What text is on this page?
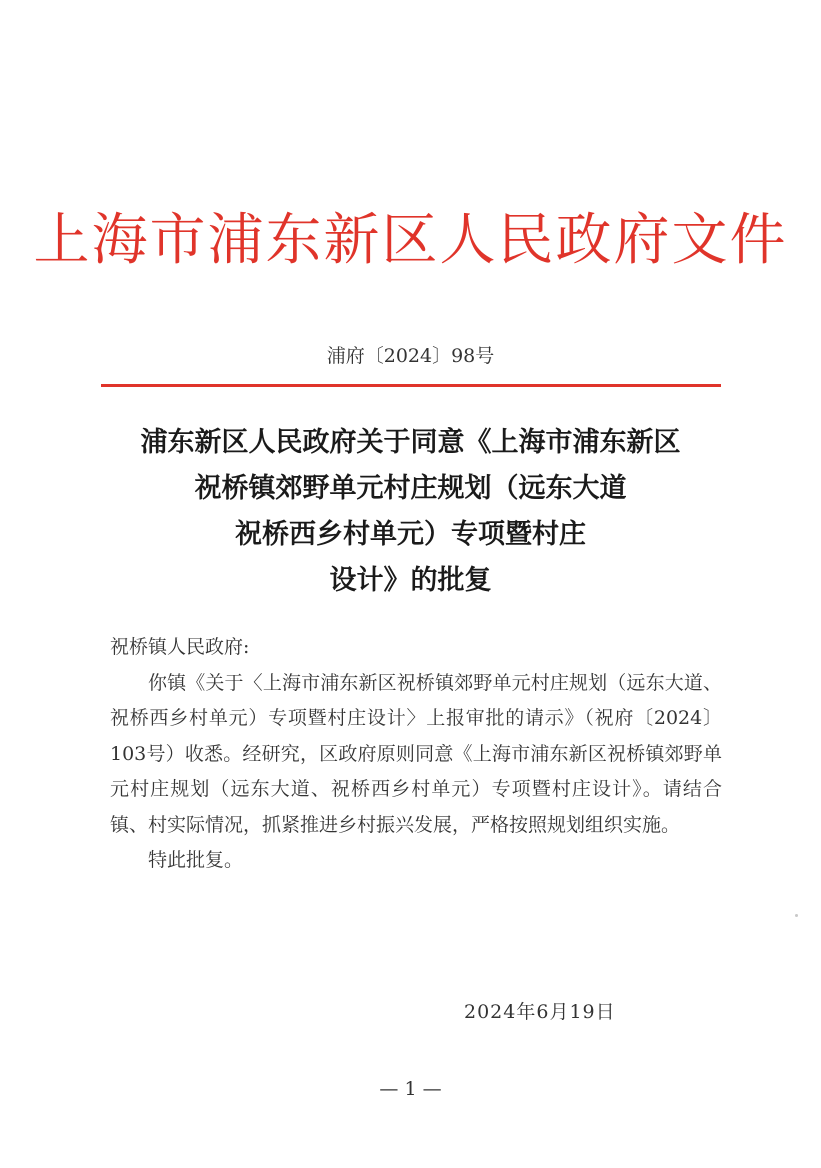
上海市浦东新区人民政府文件
浦府〔2024〕98号
浦东新区人民政府关于同意《上海市浦东新区
祝桥镇郊野单元村庄规划（远东大道
祝桥西乡村单元）专项暨村庄
设计》的批复
祝桥镇人民政府:

你镇《关于〈上海市浦东新区祝桥镇郊野单元村庄规划（远东大道、祝桥西乡村单元）专项暨村庄设计〉上报审批的请示》（祝府〔2024〕103号）收悉。经研究，区政府原则同意《上海市浦东新区祝桥镇郊野单元村庄规划（远东大道、祝桥西乡村单元）专项暨村庄设计》。请结合镇、村实际情况，抓紧推进乡村振兴发展，严格按照规划组织实施。

特此批复。

2024年6月19日
— 1 —
